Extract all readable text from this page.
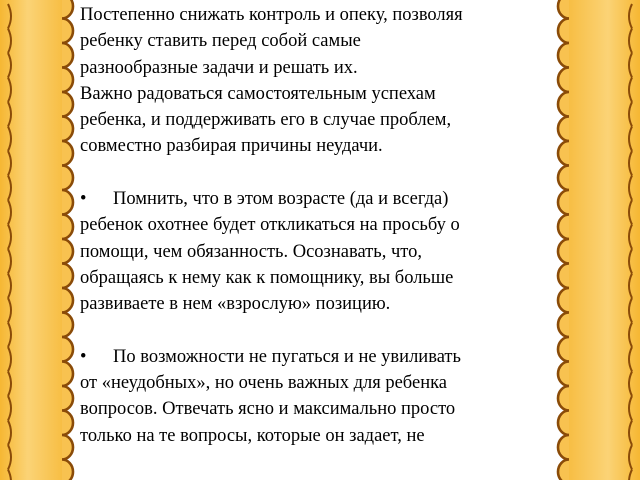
Постепенно снижать контроль и опеку, позволяя
ребенку ставить перед собой самые
разнообразные задачи и решать их.
Важно радоваться самостоятельным успехам
ребенка, и поддерживать его в случае проблем,
совместно разбирая причины неудачи.
• Помнить, что в этом возрасте (да и всегда)
ребенок охотнее будет откликаться на просьбу о
помощи, чем обязанность. Осознавать, что,
обращаясь к нему как к помощнику, вы больше
развиваете в нем «взрослую» позицию.
• По возможности не пугаться и не увиливать
от «неудобных», но очень важных для ребенка
вопросов. Отвечать ясно и максимально просто
только на те вопросы, которые он задает, не
